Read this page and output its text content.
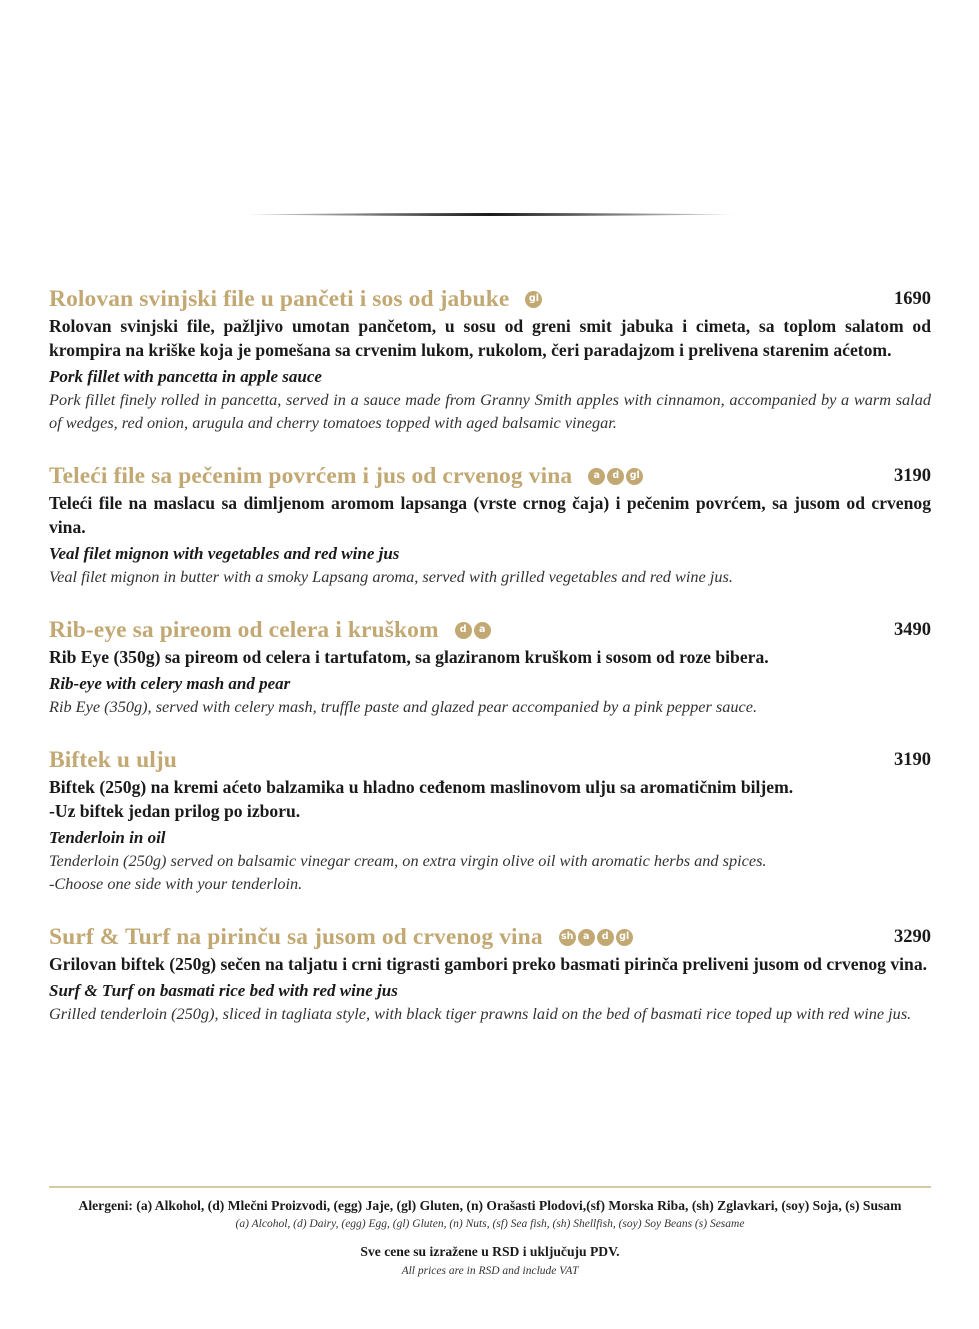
Rolovan svinjski file u pančeti i sos od jabuke	gl	1690

Rolovan svinjski file, pažljivo umotan pančetom, u sosu od greni smit jabuka i cimeta, sa toplom salatom od krompira na kriške koja je pomešana sa crvenim lukom, rukolom, čeri paradajzom i prelivena starenim aćetom.

Pork fillet with pancetta in apple sauce

Pork fillet finely rolled in pancetta, served in a sauce made from Granny Smith apples with cinnamon, accompanied by a warm salad of wedges, red onion, arugula and cherry tomatoes topped with aged balsamic vinegar.

Teleći file sa pečenim povrćem i jus od crvenog vina	a	d	gl	3190

Teleći file na maslacu sa dimljenom aromom lapsanga (vrste crnog čaja) i pečenim povrćem, sa jusom od crvenog vina.

Veal filet mignon with vegetables and red wine jus

Veal filet mignon in butter with a smoky Lapsang aroma, served with grilled vegetables and red wine jus.

Rib-eye sa pireom od celera i kruškom	d	a	3490

Rib Eye (350g) sa pireom od celera i tartufatom, sa glaziranom kruškom i sosom od roze bibera.

Rib-eye with celery mash and pear

Rib Eye (350g), served with celery mash, truffle paste and glazed pear accompanied by a pink pepper sauce.

Biftek u ulju	3190

Biftek (250g) na kremi aćeto balzamika u hladno ceđenom maslinovom ulju sa aromatičnim biljem.

-Uz biftek jedan prilog po izboru.

Tenderloin in oil

Tenderloin (250g) served on balsamic vinegar cream, on extra virgin olive oil with aromatic herbs and spices.

-Choose one side with your tenderloin.

Surf & Turf na pirinču sa jusom od crvenog vina sh	a	d	gl	3290

Grilovan biftek (250g) sečen na taljatu i crni tigrasti gambori preko basmati pirinča preliveni jusom od crvenog vina.

Surf & Turf on basmati rice bed with red wine jus

Grilled tenderloin (250g), sliced in tagliata style, with black tiger prawns laid on the bed of basmati rice toped up with red wine jus.

Alergeni: (a) Alkohol, (d) Mlečni Proizvodi, (egg) Jaje, (gl) Gluten, (n) Orašasti Plodovi,(sf) Morska Riba, (sh) Zglavkari, (soy) Soja, (s) Susam
(a) Alcohol, (d) Dairy, (egg) Egg, (gl) Gluten, (n) Nuts, (sf) Sea fish, (sh) Shellfish, (soy) Soy Beans (s) Sesame
Sve cene su izražene u RSD i uključuju PDV.
All prices are in RSD and include VAT
